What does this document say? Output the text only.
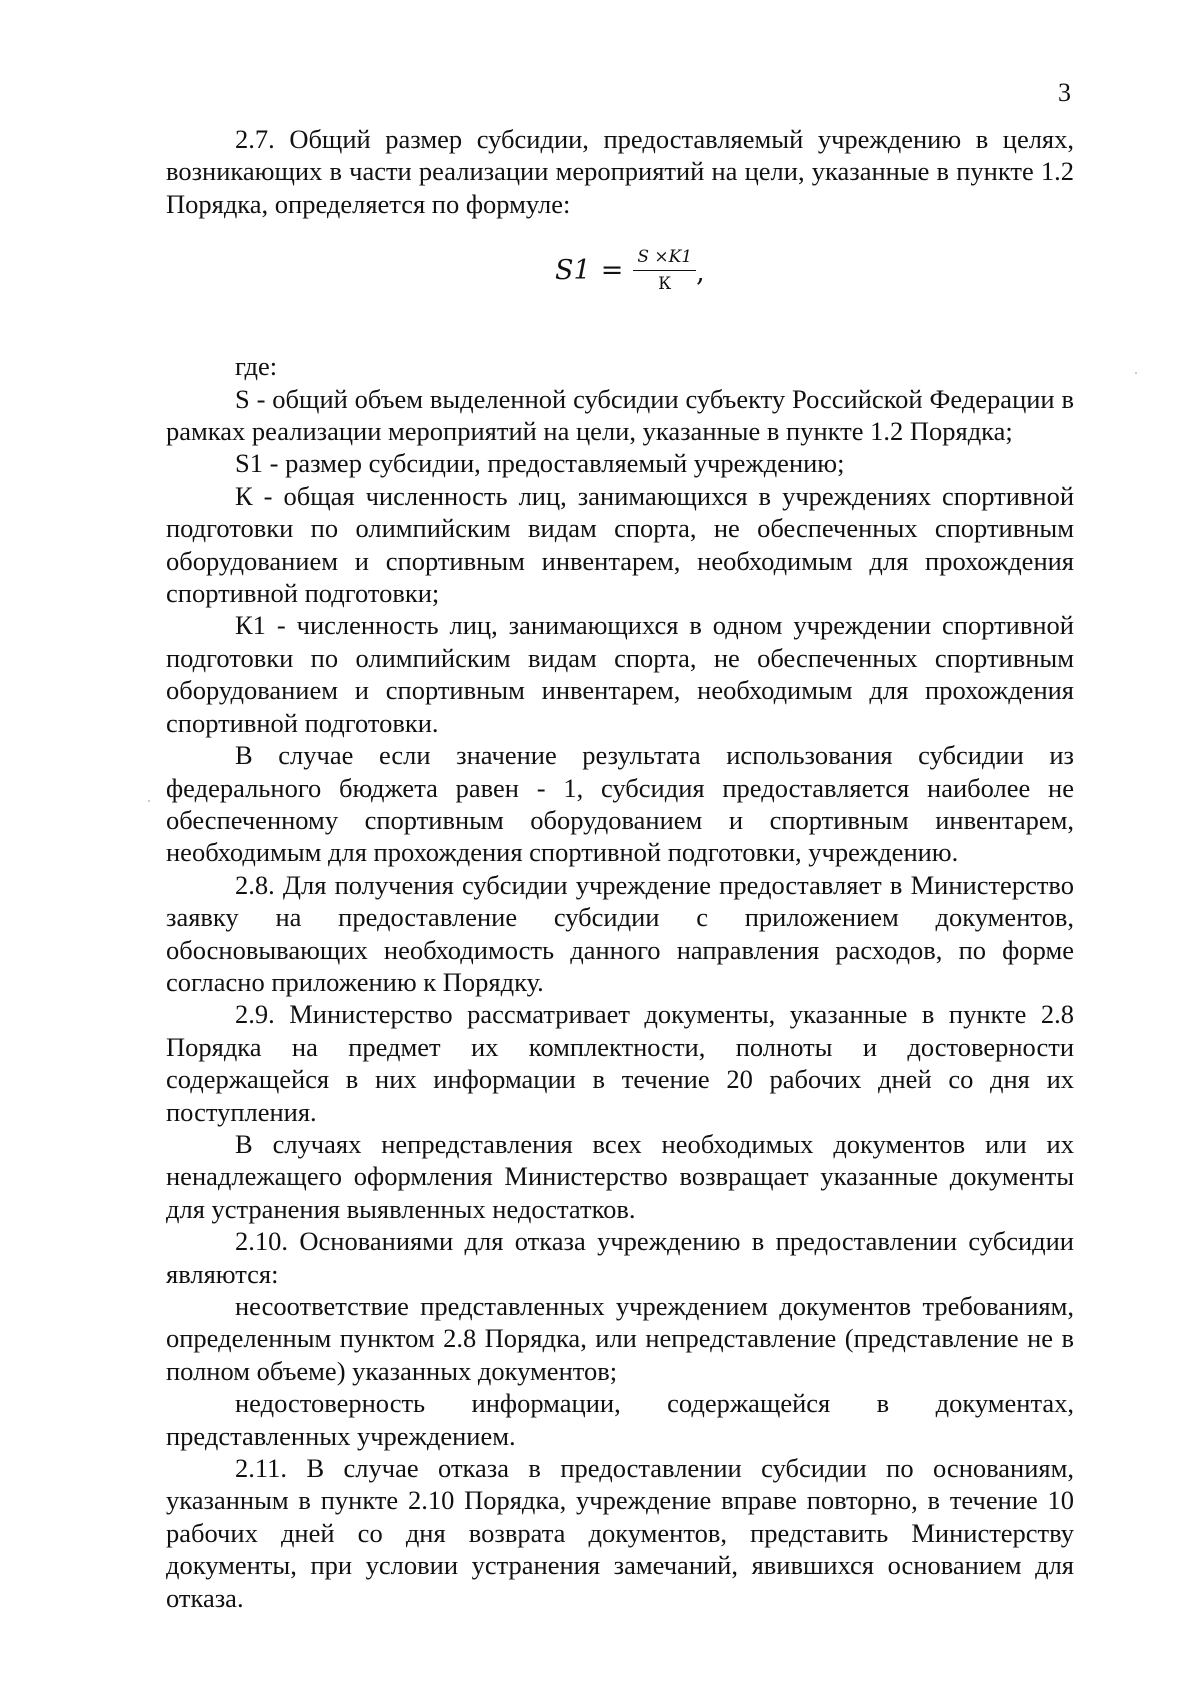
3

2.7. Общий размер субсидии, предоставляемый учреждению в целях, возникающих в части реализации мероприятий на цели, указанные в пункте 1.2 Порядка, определяется по формуле:

$S1 = \frac{S \times K1}{К}$ ,

где:

S - общий объем выделенной субсидии субъекту Российской Федерации в рамках реализации мероприятий на цели, указанные в пункте 1.2 Порядка;

S1 - размер субсидии, предоставляемый учреждению;

К - общая численность лиц, занимающихся в учреждениях спортивной подготовки по олимпийским видам спорта, не обеспеченных спортивным оборудованием и спортивным инвентарем, необходимым для прохождения спортивной подготовки;

К1 - численность лиц, занимающихся в одном учреждении спортивной подготовки по олимпийским видам спорта, не обеспеченных спортивным оборудованием и спортивным инвентарем, необходимым для прохождения спортивной подготовки.

В случае если значение результата использования субсидии из федерального бюджета равен - 1, субсидия предоставляется наиболее не обеспеченному спортивным оборудованием и спортивным инвентарем, необходимым для прохождения спортивной подготовки, учреждению.

2.8. Для получения субсидии учреждение предоставляет в Министерство заявку на предоставление субсидии с приложением документов, обосновывающих необходимость данного направления расходов, по форме согласно приложению к Порядку.

2.9. Министерство рассматривает документы, указанные в пункте 2.8 Порядка на предмет их комплектности, полноты и достоверности содержащейся в них информации в течение 20 рабочих дней со дня их поступления.

В случаях непредставления всех необходимых документов или их ненадлежащего оформления Министерство возвращает указанные документы для устранения выявленных недостатков.

2.10. Основаниями для отказа учреждению в предоставлении субсидии являются:

несоответствие представленных учреждением документов требованиям, определенным пунктом 2.8 Порядка, или непредставление (представление не в полном объеме) указанных документов;

недостоверность информации, содержащейся в документах, представленных учреждением.

2.11. В случае отказа в предоставлении субсидии по основаниям, указанным в пункте 2.10 Порядка, учреждение вправе повторно, в течение 10 рабочих дней со дня возврата документов, представить Министерству документы, при условии устранения замечаний, явившихся основанием для отказа.
